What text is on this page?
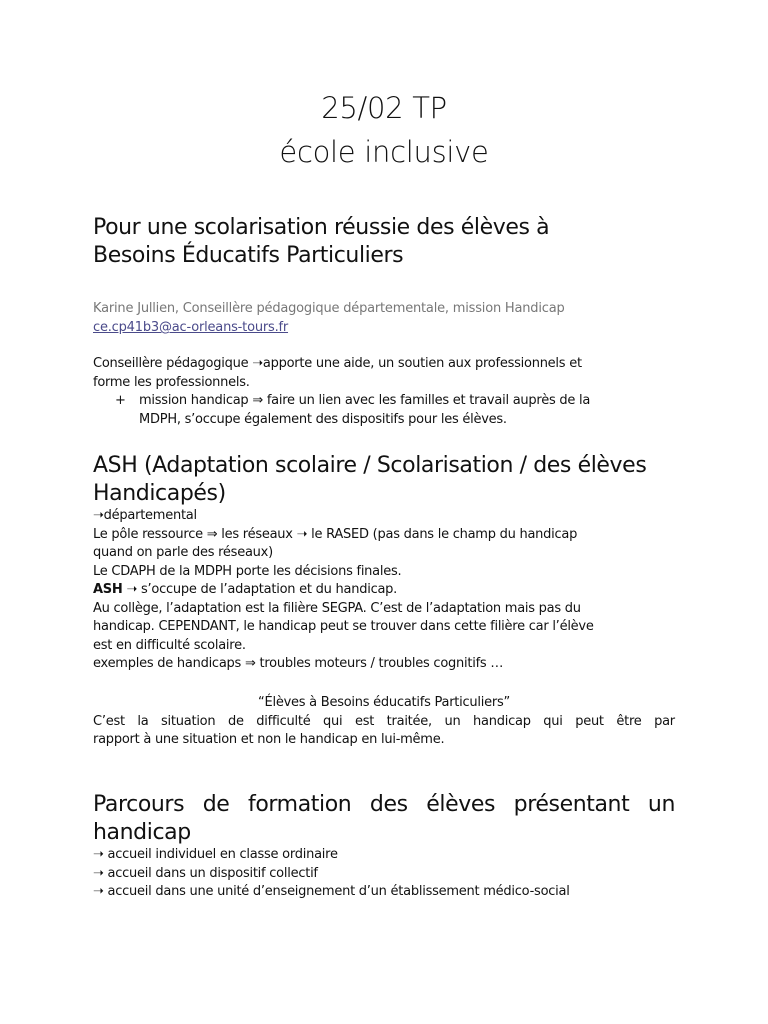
25/02 TP
école inclusive
Pour une scolarisation réussie des élèves à
Besoins Éducatifs Particuliers
Karine Jullien, Conseillère pédagogique départementale, mission Handicap
ce.cp41b3@ac-orleans-tours.fr

Conseillère pédagogique ➝apporte une aide, un soutien aux professionnels et

forme les professionnels.

+ mission handicap ⇒ faire un lien avec les familles et travail auprès de la

MDPH, s’occupe également des dispositifs pour les élèves.

ASH (Adaptation scolaire / Scolarisation / des élèves
Handicapés)

➝départemental

Le pôle ressource ⇒ les réseaux ➝ le RASED (pas dans le champ du handicap

quand on parle des réseaux)

Le CDAPH de la MDPH porte les décisions finales.

ASH ➝ s’occupe de l’adaptation et du handicap.

Au collège, l’adaptation est la filière SEGPA. C’est de l’adaptation mais pas du

handicap. CEPENDANT, le handicap peut se trouver dans cette filière car l’élève

est en difficulté scolaire.

exemples de handicaps ⇒ troubles moteurs / troubles cognitifs …

“Élèves à Besoins éducatifs Particuliers”

C’est la situation de difficulté qui est traitée, un handicap qui peut être par

rapport à une situation et non le handicap en lui-même.

Parcours de formation des élèves présentant un
handicap

➝ accueil individuel en classe ordinaire

➝ accueil dans un dispositif collectif

➝ accueil dans une unité d’enseignement d’un établissement médico-social
